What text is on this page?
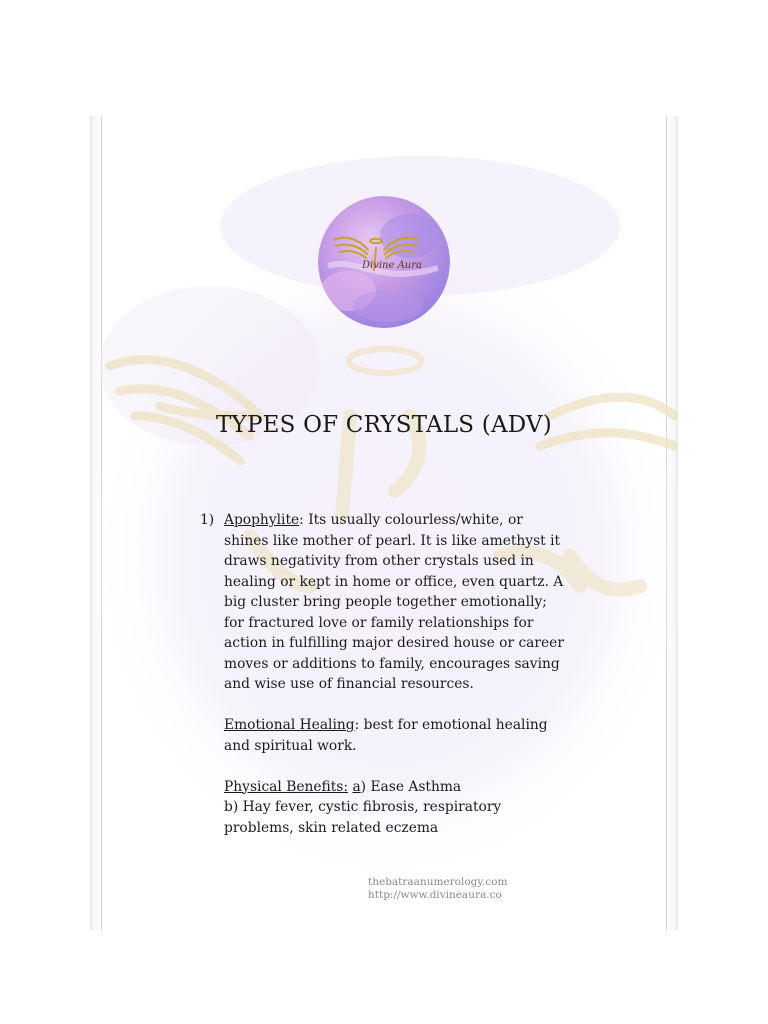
Divine Aura
TYPES OF CRYSTALS (ADV)
1) Apophylite: Its usually colourless/white, or shines like mother of pearl. It is like amethyst it draws negativity from other crystals used in healing or kept in home or office, even quartz. A big cluster bring people together emotionally; for fractured love or family relationships for action in fulfilling major desired house or career moves or additions to family, encourages saving and wise use of financial resources.

Emotional Healing: best for emotional healing and spiritual work.

Physical Benefits: a) Ease Asthma

b) Hay fever, cystic fibrosis, respiratory problems, skin related eczema

thebatraanumerology.com
http://www.divineaura.co
